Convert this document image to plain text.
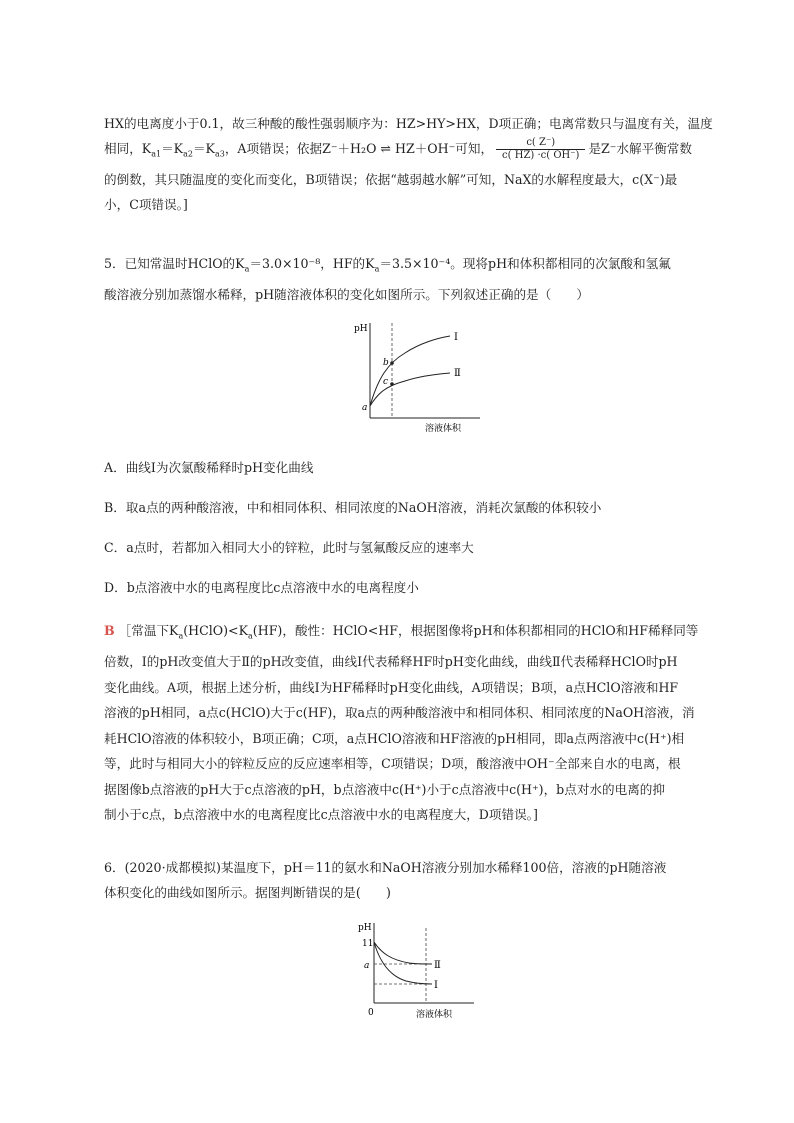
HX的电离度小于0.1，故三种酸的酸性强弱顺序为：HZ>HY>HX，D项正确；电离常数只与温度有关，温度

相同，$K_{a1}=K_{a2}=K_{a3}$，A项错误；依据Z⁻＋H₂O ⇌ HZ＋OH⁻可知， $\frac{c( Z^-)}{c( HZ) \cdot c( OH^-)}$ 是Z⁻水解平衡常数

的倒数，其只随温度的变化而变化，B项错误；依据“越弱越水解”可知，NaX的水解程度最大，c(X⁻)最

小，C项错误。]

5．已知常温时HClO的$K_a=3.0\times 10^{-8}$，HF的$K_a=3.5\times 10^{-4}$。现将pH和体积都相同的次氯酸和氢氟

酸溶液分别加蒸馏水稀释，pH随溶液体积的变化如图所示。下列叙述正确的是（　　）

pH
溶液体积
Ⅰ
Ⅱ
b
c
a
A．曲线Ⅰ为次氯酸稀释时pH变化曲线
B．取a点的两种酸溶液，中和相同体积、相同浓度的NaOH溶液，消耗次氯酸的体积较小
C．a点时，若都加入相同大小的锌粒，此时与氢氟酸反应的速率大
D．b点溶液中水的电离程度比c点溶液中水的电离程度小

B ［常温下$K_a(HClO)<K_a(HF)$，酸性：HClO<HF，根据图像将pH和体积都相同的HClO和HF稀释同等

倍数，Ⅰ的pH改变值大于Ⅱ的pH改变值，曲线Ⅰ代表稀释HF时pH变化曲线，曲线Ⅱ代表稀释HClO时pH

变化曲线。A项，根据上述分析，曲线Ⅰ为HF稀释时pH变化曲线，A项错误；B项，a点HClO溶液和HF

溶液的pH相同，a点c(HClO)大于c(HF)，取a点的两种酸溶液中和相同体积、相同浓度的NaOH溶液，消

耗HClO溶液的体积较小，B项正确；C项，a点HClO溶液和HF溶液的pH相同，即a点两溶液中c(H⁺)相

等，此时与相同大小的锌粒反应的反应速率相等，C项错误；D项，酸溶液中OH⁻全部来自水的电离，根

据图像b点溶液的pH大于c点溶液的pH，b点溶液中c(H⁺)小于c点溶液中c(H⁺)，b点对水的电离的抑

制小于c点，b点溶液中水的电离程度比c点溶液中水的电离程度大，D项错误。]

6．(2020·成都模拟)某温度下，pH＝11的氨水和NaOH溶液分别加水稀释100倍，溶液的pH随溶液

体积变化的曲线如图所示。据图判断错误的是(　　)

pH
溶液体积
11
a
0
Ⅱ
Ⅰ
